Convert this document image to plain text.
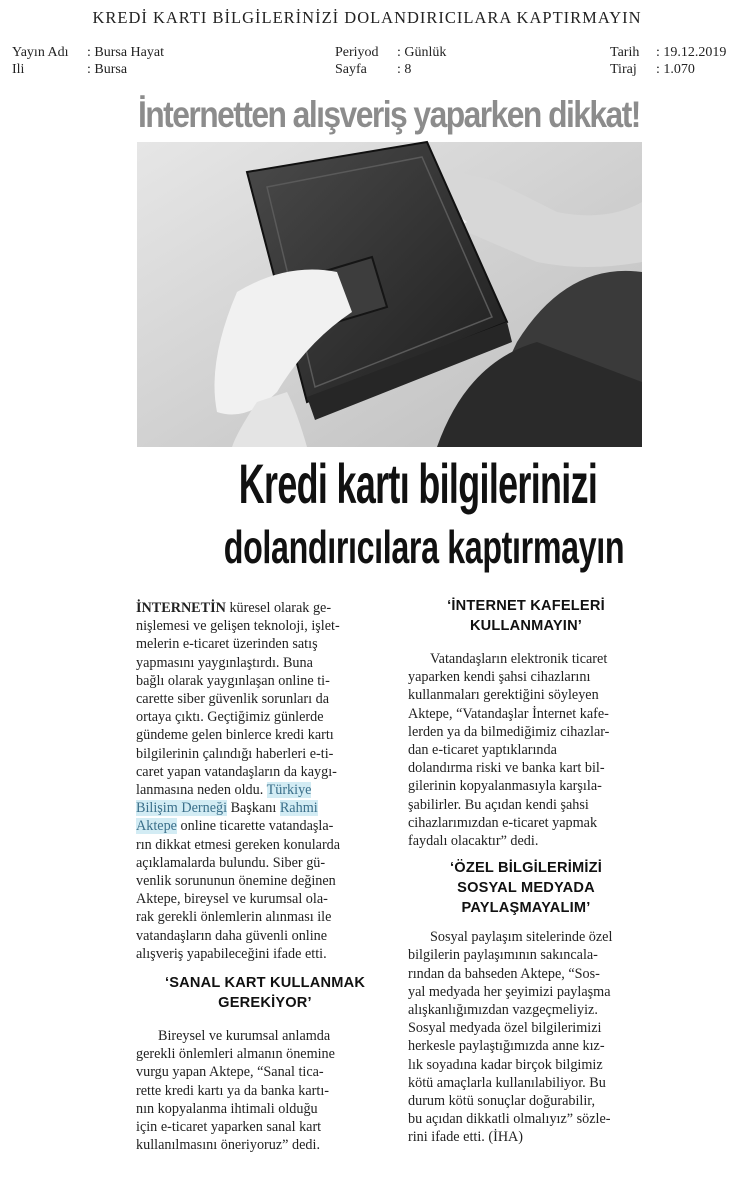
KREDİ KARTI BİLGİLERİNİZİ DOLANDIRICILARA KAPTIRMAYIN
Yayın Adı	: Bursa Hayat
Ili	: Bursa
Periyod	: Günlük
Sayfa	: 8
Tarih	: 19.12.2019
Tiraj	: 1.070
İnternetten alışveriş yaparken dikkat!
Kredi kartı bilgilerinizi
dolandırıcılara kaptırmayın

İNTERNETİN küresel olarak ge-
nişlemesi ve gelişen teknoloji, işlet-
melerin e-ticaret üzerinden satış
yapmasını yaygınlaştırdı. Buna
bağlı olarak yaygınlaşan online ti-
carette siber güvenlik sorunları da
ortaya çıktı. Geçtiğimiz günlerde
gündeme gelen binlerce kredi kartı
bilgilerinin çalındığı haberleri e-ti-
caret yapan vatandaşların da kaygı-
lanmasına neden oldu. Türkiye
Bilişim Derneği Başkanı Rahmi
Aktepe online ticarette vatandaşla-
rın dikkat etmesi gereken konularda
açıklamalarda bulundu. Siber gü-
venlik sorununun önemine değinen
Aktepe, bireysel ve kurumsal ola-
rak gerekli önlemlerin alınması ile
vatandaşların daha güvenli online
alışveriş yapabileceğini ifade etti.

‘SANAL KART KULLANMAK
GEREKİYOR’

Bireysel ve kurumsal anlamda
gerekli önlemleri almanın önemine
vurgu yapan Aktepe, “Sanal tica-
rette kredi kartı ya da banka kartı-
nın kopyalanma ihtimali olduğu
için e-ticaret yaparken sanal kart
kullanılmasını öneriyoruz” dedi.

‘İNTERNET KAFELERİ
KULLANMAYIN’

Vatandaşların elektronik ticaret
yaparken kendi şahsi cihazlarını
kullanmaları gerektiğini söyleyen
Aktepe, “Vatandaşlar İnternet kafe-
lerden ya da bilmediğimiz cihazlar-
dan e-ticaret yaptıklarında
dolandırma riski ve banka kart bil-
gilerinin kopyalanmasıyla karşıla-
şabilirler. Bu açıdan kendi şahsi
cihazlarımızdan e-ticaret yapmak
faydalı olacaktır” dedi.

‘ÖZEL BİLGİLERİMİZİ
SOSYAL MEDYADA
PAYLAŞMAYALIM’

Sosyal paylaşım sitelerinde özel
bilgilerin paylaşımının sakıncala-
rından da bahseden Aktepe, “Sos-
yal medyada her şeyimizi paylaşma
alışkanlığımızdan vazgeçmeliyiz.
Sosyal medyada özel bilgilerimizi
herkesle paylaştığımızda anne kız-
lık soyadına kadar birçok bilgimiz
kötü amaçlarla kullanılabiliyor. Bu
durum kötü sonuçlar doğurabilir,
bu açıdan dikkatli olmalıyız” sözle-
rini ifade etti. (İHA)
